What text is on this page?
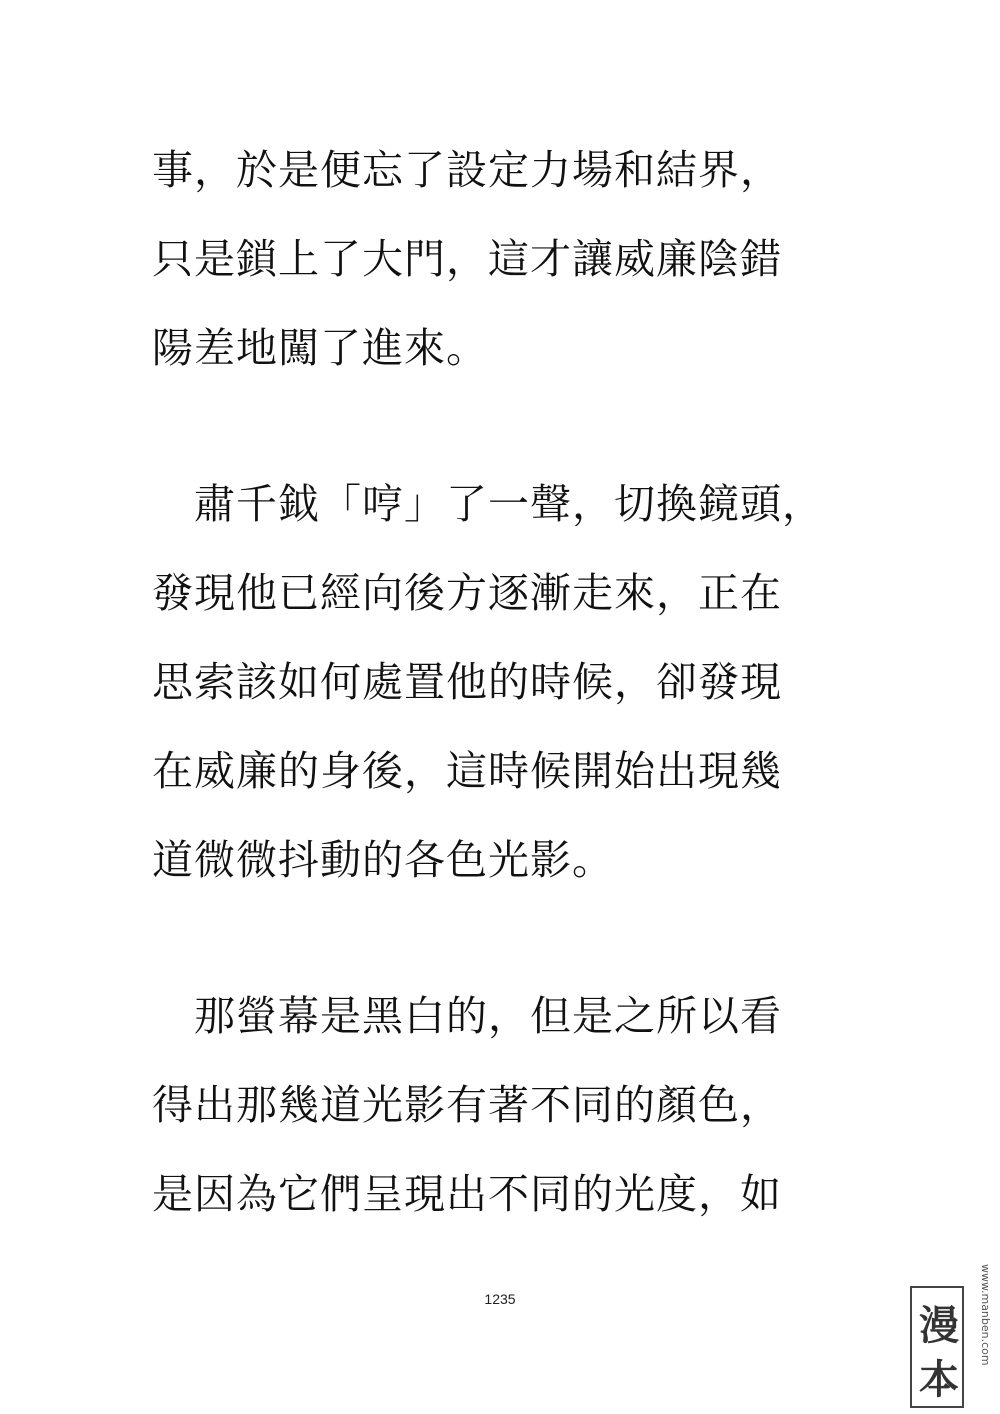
事，於是便忘了設定力場和結界，
只是鎖上了大門，這才讓威廉陰錯
陽差地闖了進來。
　肅千鉞「哼」了一聲，切換鏡頭，
發現他已經向後方逐漸走來，正在
思索該如何處置他的時候，卻發現
在威廉的身後，這時候開始出現幾
道微微抖動的各色光影。
　那螢幕是黑白的，但是之所以看
得出那幾道光影有著不同的顏色，
是因為它們呈現出不同的光度，如
1235
漫
本
www.manben.com
